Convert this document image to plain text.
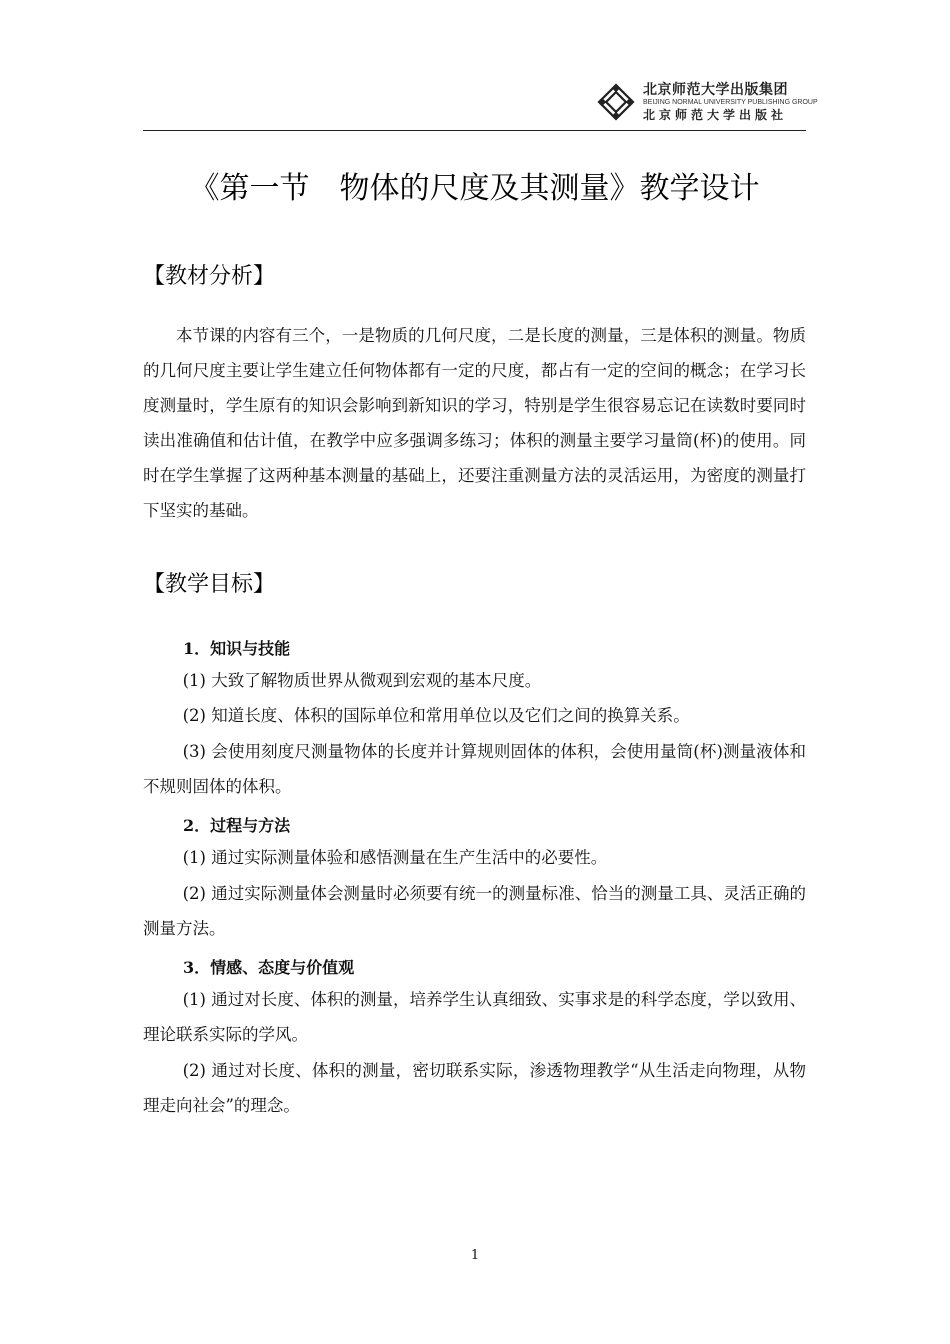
北京师范大学出版集团
BEIJING NORMAL UNIVERSITY PUBLISHING GROUP
北京师范大学出版社
《第一节　物体的尺度及其测量》教学设计
【教材分析】

本节课的内容有三个，一是物质的几何尺度，二是长度的测量，三是体积的测量。物质的几何尺度主要让学生建立任何物体都有一定的尺度，都占有一定的空间的概念；在学习长度测量时，学生原有的知识会影响到新知识的学习，特别是学生很容易忘记在读数时要同时读出准确值和估计值，在教学中应多强调多练习；体积的测量主要学习量筒(杯)的使用。同时在学生掌握了这两种基本测量的基础上，还要注重测量方法的灵活运用，为密度的测量打下坚实的基础。

【教学目标】
1．知识与技能

(1) 大致了解物质世界从微观到宏观的基本尺度。

(2) 知道长度、体积的国际单位和常用单位以及它们之间的换算关系。

(3) 会使用刻度尺测量物体的长度并计算规则固体的体积，会使用量筒(杯)测量液体和不规则固体的体积。

2．过程与方法

(1) 通过实际测量体验和感悟测量在生产生活中的必要性。

(2) 通过实际测量体会测量时必须要有统一的测量标准、恰当的测量工具、灵活正确的测量方法。

3．情感、态度与价值观

(1) 通过对长度、体积的测量，培养学生认真细致、实事求是的科学态度，学以致用、理论联系实际的学风。

(2) 通过对长度、体积的测量，密切联系实际，渗透物理教学“从生活走向物理，从物理走向社会”的理念。

1
